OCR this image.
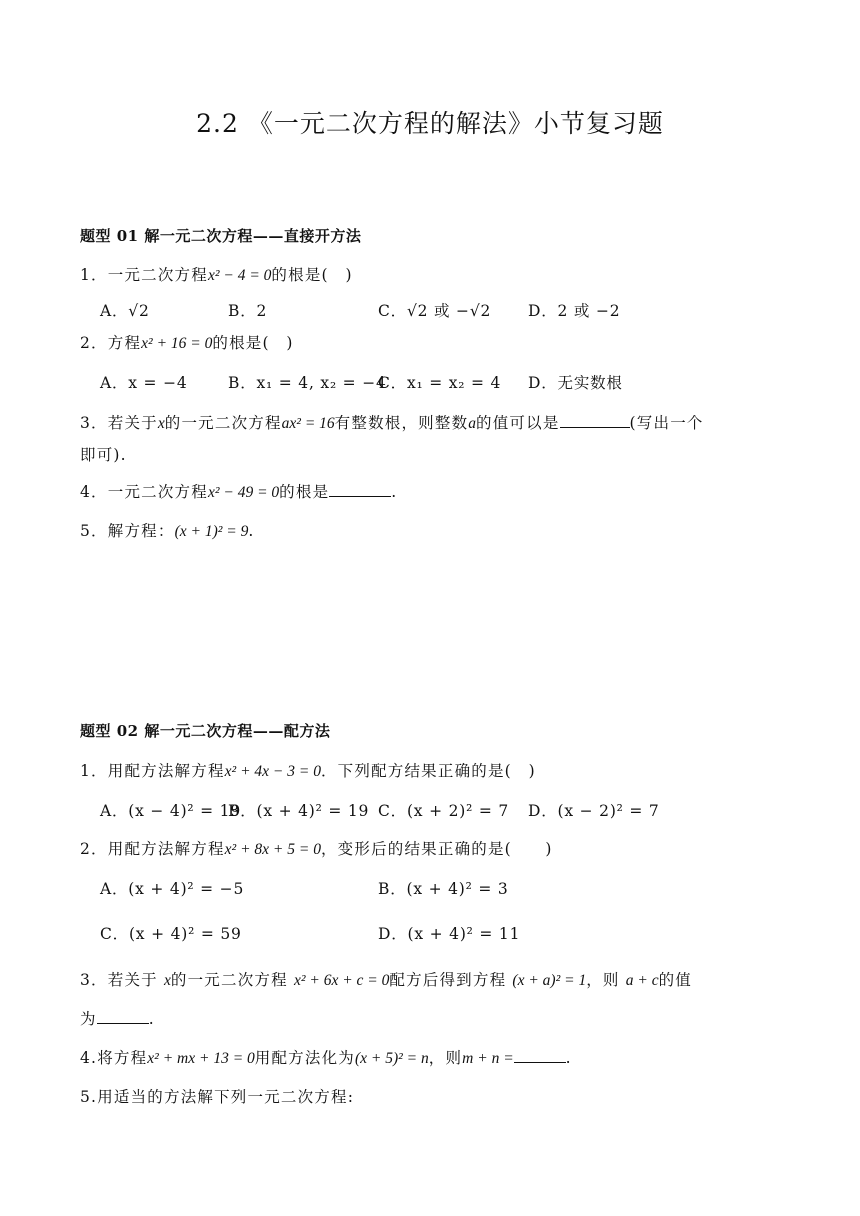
2.2 《一元二次方程的解法》小节复习题
题型 01 解一元二次方程——直接开方法
1．一元二次方程x² − 4 = 0的根是(　)
A．√2	B．2	C．√2 或 −√2 D．2 或 −2
2．方程x² + 16 = 0的根是(　)
A．x = −4	B．x₁ = 4, x₂ = −4
C．x₁ = x₂ = 4 D．无实数根
3．若关于x的一元二次方程ax² = 16有整数根，则整数a的值可以是	(写出一个
即可).
4．一元二次方程x² − 49 = 0的根是	.
5．解方程：(x + 1)² = 9.
题型 02 解一元二次方程——配方法
1．用配方法解方程x² + 4x − 3 = 0．下列配方结果正确的是(　)
A．(x − 4)² = 19
B．(x + 4)² = 19 C．(x + 2)² = 7 D．(x − 2)² = 7
2．用配方法解方程x² + 8x + 5 = 0，变形后的结果正确的是(　　)
A．(x + 4)² = −5	B．(x + 4)² = 3
C．(x + 4)² = 59	D．(x + 4)² = 11
3．若关于 x的一元二次方程 x² + 6x + c = 0配方后得到方程 (x + a)² = 1，则 a + c的值
为	.
4.将方程x² + mx + 13 = 0用配方法化为(x + 5)² = n，则m + n =	.
5.用适当的方法解下列一元二次方程:
